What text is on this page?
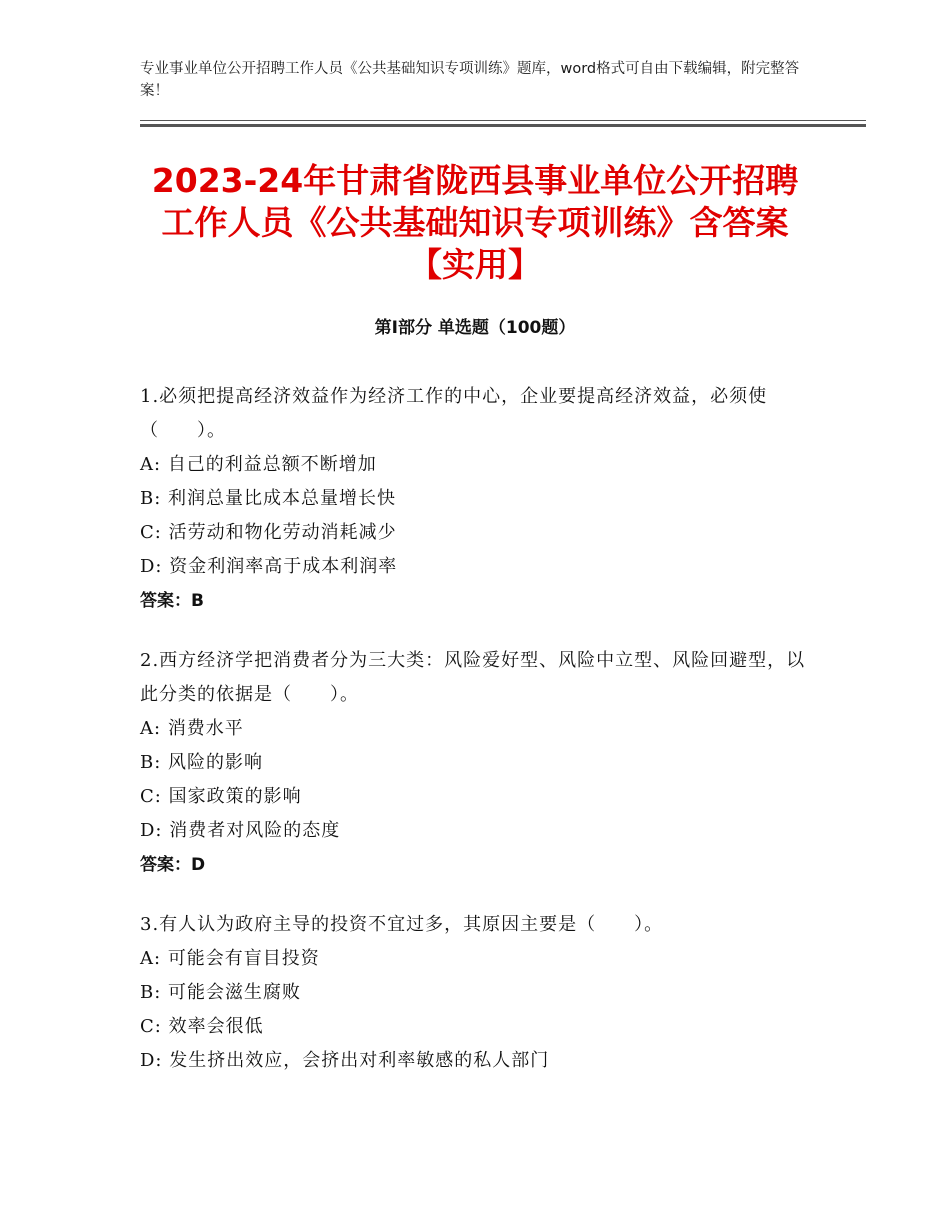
专业事业单位公开招聘工作人员《公共基础知识专项训练》题库，word格式可自由下载编辑，附完整答案！
2023-24年甘肃省陇西县事业单位公开招聘
工作人员《公共基础知识专项训练》含答案
【实用】
第Ⅰ部分 单选题（100题）
1.必须把提高经济效益作为经济工作的中心，企业要提高经济效益，必须使（　　）。
A:
自己的利益总额不断增加
B:
利润总量比成本总量增长快
C:
活劳动和物化劳动消耗减少
D:
资金利润率高于成本利润率
答案：B
2.西方经济学把消费者分为三大类：风险爱好型、风险中立型、风险回避型，以此分类的依据是（　　）。
A:
消费水平
B:
风险的影响
C:
国家政策的影响
D:
消费者对风险的态度
答案：D
3.有人认为政府主导的投资不宜过多，其原因主要是（　　）。
A:
可能会有盲目投资
B:
可能会滋生腐败
C:
效率会很低
D:
发生挤出效应，会挤出对利率敏感的私人部门
